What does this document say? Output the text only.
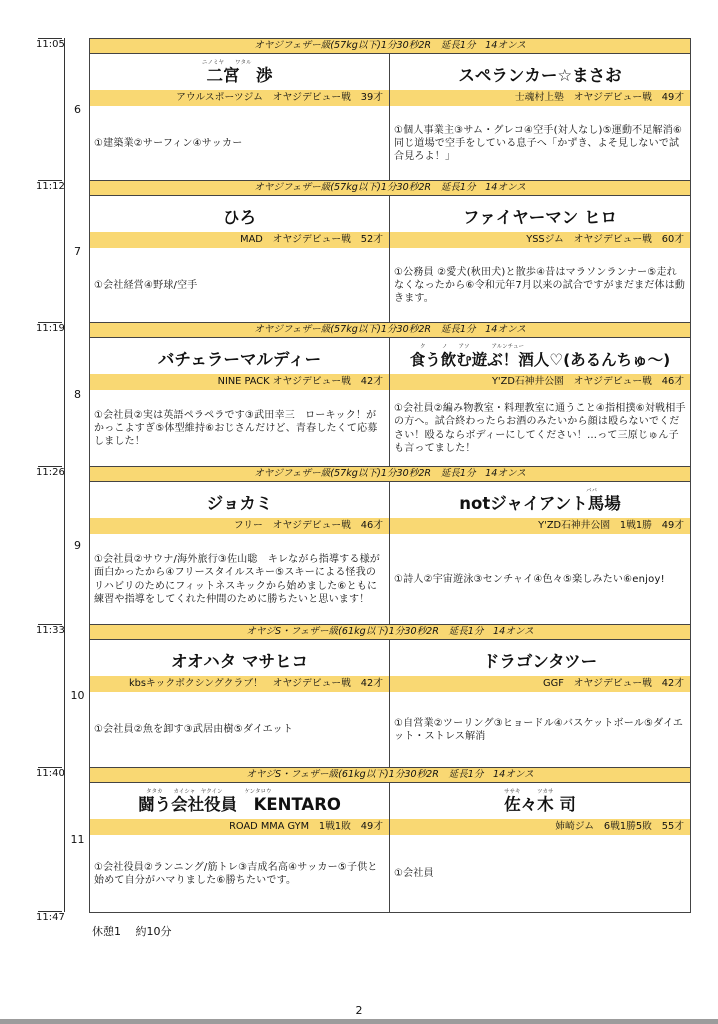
11:05
11:12
11:19
11:26
11:33
11:40
11:47
6
7
8
9
10
11
オヤジフェザー級(57kg以下)1分30秒2R　延長1分　14オンス
ニノミヤ　　ワタル
二宮　渉
アウルスポーツジム　オヤジデビュー戦　39才
①建築業②サーフィン④サッカー
スペランカー☆まさお
士魂村上塾　オヤジデビュー戦　49才
①個人事業主③サム・グレコ④空手(対人なし)⑤運動不足解消⑥同じ道場で空手をしている息子へ「かずき、よそ見しないで試合見ろよ！」
オヤジフェザー級(57kg以下)1分30秒2R　延長1分　14オンス
ひろ
MAD　オヤジデビュー戦　52才
①会社経営④野球/空手
ファイヤーマン ヒロ
YSSジム　オヤジデビュー戦　60才
①公務員 ②愛犬(秋田犬)と散歩④昔はマラソンランナー⑤走れなくなったから⑥令和元年7月以来の試合ですがまだまだ体は動きます。
オヤジフェザー級(57kg以下)1分30秒2R　延長1分　14オンス
バチェラーマルディー
NINE PACK オヤジデビュー戦　42才
①会社員②実は英語ペラペラです③武田幸三　ローキック！がかっこよすぎ⑤体型維持⑥おじさんだけど、青春したくて応募しました！
ク　　　ノ　　アソ　　　　アルンチュー
食う飲む遊ぶ！酒人♡(あるんちゅ～)
Y'ZD石神井公園　オヤジデビュー戦　46才
①会社員②編み物教室・料理教室に通うこと④指相撲⑥対戦相手の方へ。試合終わったらお酒のみたいから顔は殴らないでください！殴るならボディーにしてください！…って三原じゅん子も言ってました！
オヤジフェザー級(57kg以下)1分30秒2R　延長1分　14オンス
ジョカミ
フリー　オヤジデビュー戦　46才
①会社員②サウナ/海外旅行③佐山聡　キレながら指導する様が面白かったから④フリースタイルスキー⑤スキーによる怪我のリハビリのためにフィットネスキックから始めました⑥ともに練習や指導をしてくれた仲間のために勝ちたいと思います！
ババ
notジャイアント馬場
Y'ZD石神井公園　1戦1勝　49才
①詩人②宇宙遊泳③センチャイ④色々⑤楽しみたい⑥enjoy!
オヤジS・フェザー級(61kg以下)1分30秒2R　延長1分　14オンス
オオハタ マサヒコ
kbsキックボクシングクラブ！　オヤジデビュー戦　42才
①会社員②魚を卸す③武居由樹⑤ダイエット
ドラゴンタツー
GGF　オヤジデビュー戦　42才
①自営業②ツーリング③ヒョードル④バスケットボール⑤ダイエット・ストレス解消
オヤジS・フェザー級(61kg以下)1分30秒2R　延長1分　14オンス
タタカ　　カイシャ　ヤクイン　　　　ケンタロウ
闘う会社役員　KENTARO
ROAD MMA GYM　1戦1敗　49才
①会社役員②ランニング/筋トレ③吉成名高④サッカー⑤子供と始めて自分がハマりました⑥勝ちたいです。
ササキ　　　ツカサ
佐々木 司
姉崎ジム　6戦1勝5敗　55才
①会社員
休憩1　 約10分
2
